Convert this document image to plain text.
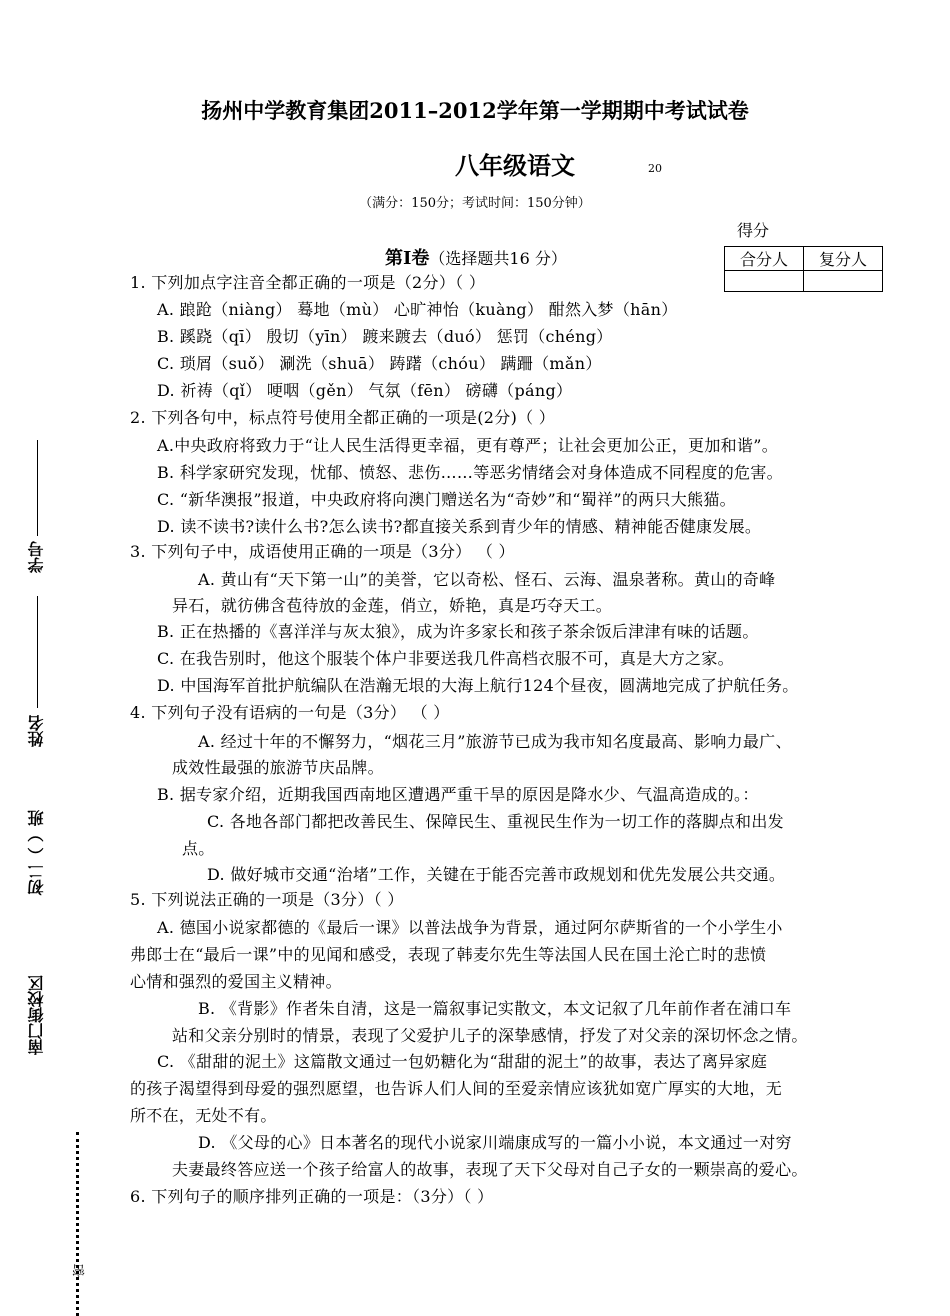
扬州中学教育集团2011–2012学年第一学期期中考试试卷
八年级语文	20
（满分：150分；考试时间：150分钟）
得分
合分人	复分人

第Ⅰ卷（选择题共16 分）
1. 下列加点字注音全都正确的一项是（2分）（ ）
A. 踉跄（niàng） 蓦地（mù） 心旷神怡（kuàng） 酣然入梦（hān）
B. 蹊跷（qī） 殷切（yīn） 踱来踱去（duó） 惩罚（chéng）
C. 琐屑（suǒ） 涮洗（shuā） 踌躇（chóu） 蹒跚（mǎn）
D. 祈祷（qǐ） 哽咽（gěn） 气氛（fēn） 磅礴（páng）
2. 下列各句中，标点符号使用全都正确的一项是(2分)（ ）
A.中央政府将致力于“让人民生活得更幸福，更有尊严；让社会更加公正，更加和谐”。
B. 科学家研究发现，忧郁、愤怒、悲伤……等恶劣情绪会对身体造成不同程度的危害。
C. “新华澳报”报道，中央政府将向澳门赠送名为“奇妙”和“蜀祥”的两只大熊猫。
D. 读不读书?读什么书?怎么读书?都直接关系到青少年的情感、精神能否健康发展。
3. 下列句子中，成语使用正确的一项是（3分） （ ）
A. 黄山有“天下第一山”的美誉，它以奇松、怪石、云海、温泉著称。黄山的奇峰
异石，就彷佛含苞待放的金莲，俏立，娇艳，真是巧夺天工。
B. 正在热播的《喜洋洋与灰太狼》，成为许多家长和孩子茶余饭后津津有味的话题。
C. 在我告别时，他这个服装个体户非要送我几件高档衣服不可，真是大方之家。
D. 中国海军首批护航编队在浩瀚无垠的大海上航行124个昼夜，圆满地完成了护航任务。
4. 下列句子没有语病的一句是（3分） （ ）
A. 经过十年的不懈努力，“烟花三月”旅游节已成为我市知名度最高、影响力最广、
成效性最强的旅游节庆品牌。
B. 据专家介绍，近期我国西南地区遭遇严重干旱的原因是降水少、气温高造成的。：
C. 各地各部门都把改善民生、保障民生、重视民生作为一切工作的落脚点和出发
点。
D. 做好城市交通“治堵”工作，关键在于能否完善市政规划和优先发展公共交通。
5. 下列说法正确的一项是（3分）（ ）
A. 德国小说家都德的《最后一课》以普法战争为背景，通过阿尔萨斯省的一个小学生小
弗郎士在“最后一课”中的见闻和感受，表现了韩麦尔先生等法国人民在国土沦亡时的悲愤
心情和强烈的爱国主义精神。
B. 《背影》作者朱自清，这是一篇叙事记实散文，本文记叙了几年前作者在浦口车
站和父亲分别时的情景，表现了父爱护儿子的深挚感情，抒发了对父亲的深切怀念之情。
C. 《甜甜的泥土》这篇散文通过一包奶糖化为“甜甜的泥土”的故事，表达了离异家庭
的孩子渴望得到母爱的强烈愿望，也告诉人们人间的至爱亲情应该犹如宽广厚实的大地，无
所不在，无处不有。
D. 《父母的心》日本著名的现代小说家川端康成写的一篇小小说，本文通过一对穷
夫妻最终答应送一个孩子给富人的故事，表现了天下父母对自己子女的一颗崇高的爱心。
6. 下列句子的顺序排列正确的一项是：（3分）（ ）
学号
姓名
初二（ ）班
南门街校区
密
